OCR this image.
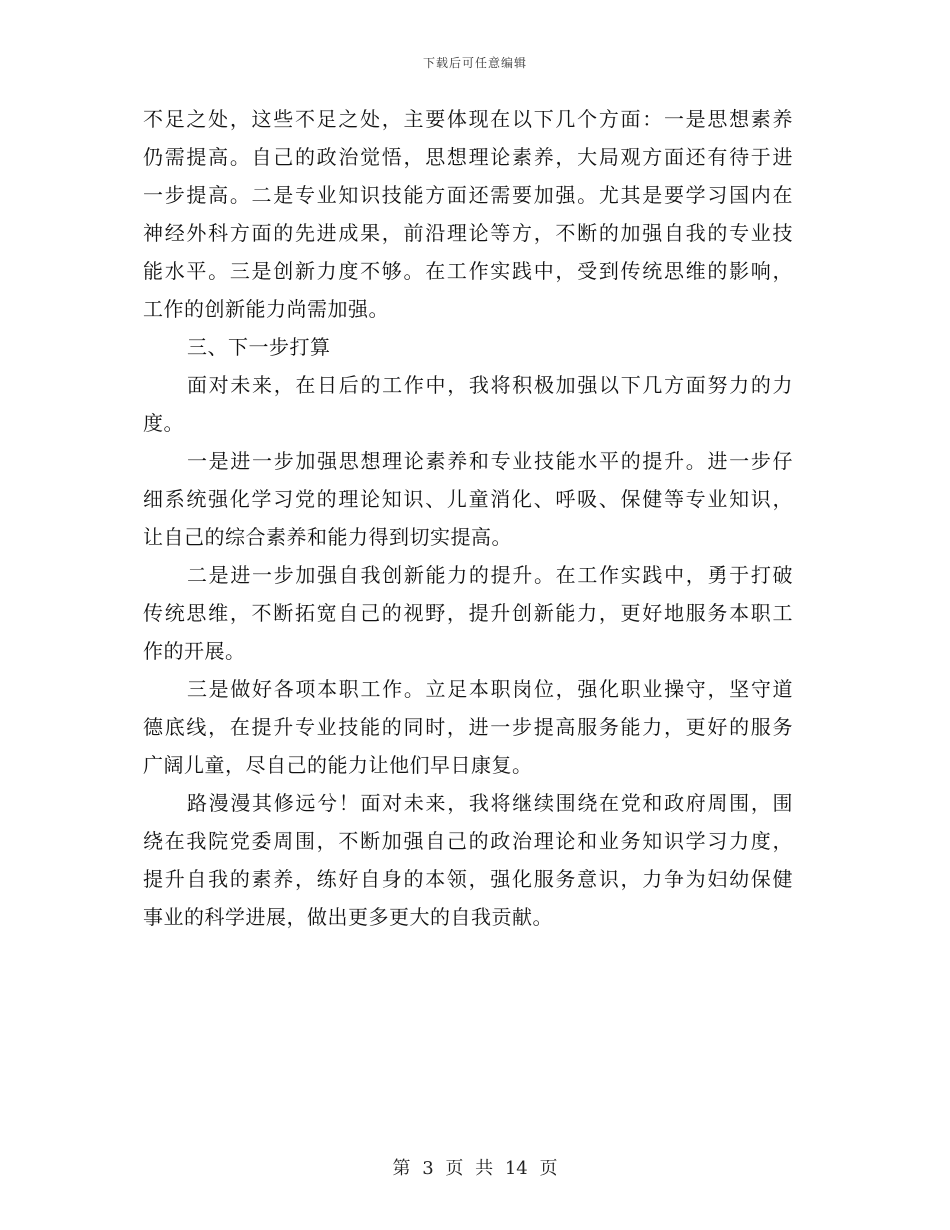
下载后可任意编辑
不足之处，这些不足之处，主要体现在以下几个方面：一是思想素养
仍需提高。自己的政治觉悟，思想理论素养，大局观方面还有待于进
一步提高。二是专业知识技能方面还需要加强。尤其是要学习国内在
神经外科方面的先进成果，前沿理论等方，不断的加强自我的专业技
能水平。三是创新力度不够。在工作实践中，受到传统思维的影响，
工作的创新能力尚需加强。
三、下一步打算
面对未来，在日后的工作中，我将积极加强以下几方面努力的力
度。
一是进一步加强思想理论素养和专业技能水平的提升。进一步仔
细系统强化学习党的理论知识、儿童消化、呼吸、保健等专业知识，
让自己的综合素养和能力得到切实提高。
二是进一步加强自我创新能力的提升。在工作实践中，勇于打破
传统思维，不断拓宽自己的视野，提升创新能力，更好地服务本职工
作的开展。
三是做好各项本职工作。立足本职岗位，强化职业操守，坚守道
德底线，在提升专业技能的同时，进一步提高服务能力，更好的服务
广阔儿童，尽自己的能力让他们早日康复。
路漫漫其修远兮！面对未来，我将继续围绕在党和政府周围，围
绕在我院党委周围，不断加强自己的政治理论和业务知识学习力度，
提升自我的素养，练好自身的本领，强化服务意识，力争为妇幼保健
事业的科学进展，做出更多更大的自我贡献。
第 3 页 共 14 页
